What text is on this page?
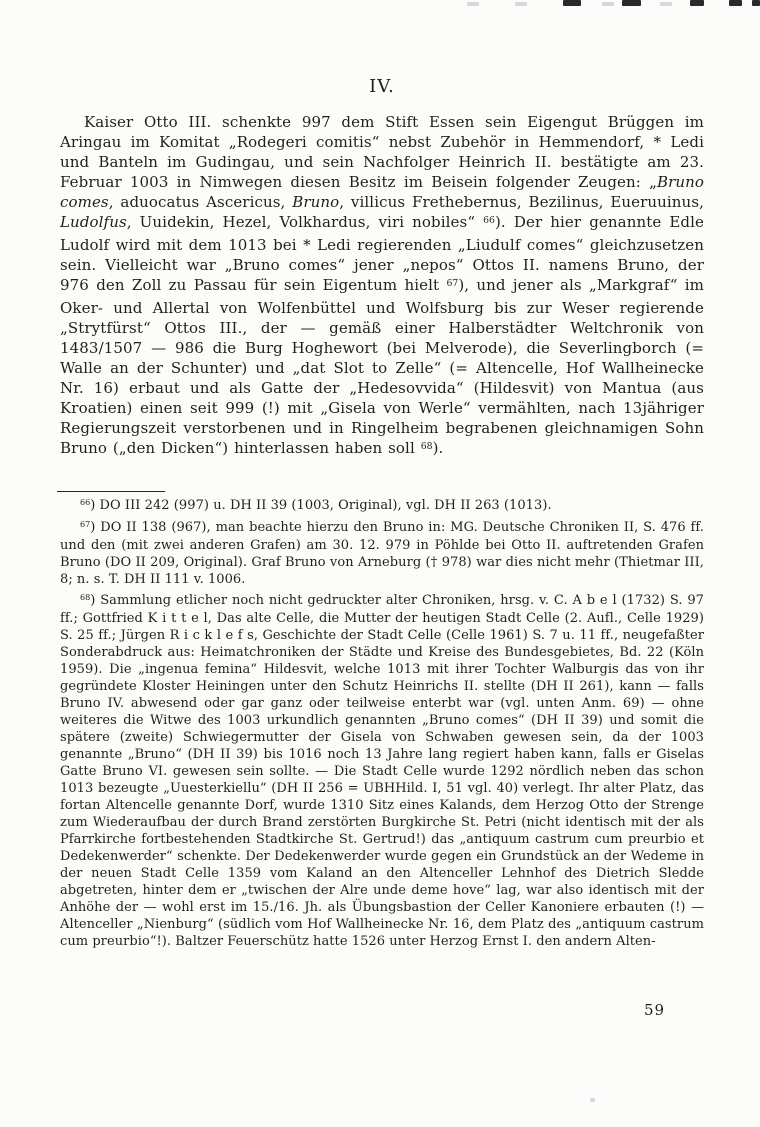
IV.

Kaiser Otto III. schenkte 997 dem Stift Essen sein Eigengut Brüggen im Aringau im Komitat „Rodegeri comitis“ nebst Zubehör in Hemmendorf, * Ledi und Banteln im Gudingau, und sein Nachfolger Heinrich II. bestätigte am 23. Februar 1003 in Nimwegen diesen Besitz im Beisein folgender Zeugen: „Bruno comes, aduocatus Ascericus, Bruno, villicus Frethebernus, Bezilinus, Eueruuinus, Ludolfus, Uuidekin, Hezel, Volkhardus, viri nobiles“ $^{66}$). Der hier genannte Edle Ludolf wird mit dem 1013 bei * Ledi regierenden „Liudulf comes“ gleichzusetzen sein. Vielleicht war „Bruno comes“ jener „nepos“ Ottos II. namens Bruno, der 976 den Zoll zu Passau für sein Eigentum hielt $^{67}$), und jener als „Markgraf“ im Oker- und Allertal von Wolfenbüttel und Wolfsburg bis zur Weser regierende „Strytfürst“ Ottos III., der — gemäß einer Halberstädter Weltchronik von 1483/1507 — 986 die Burg Hoghewort (bei Melverode), die Severlingborch (= Walle an der Schunter) und „dat Slot to Zelle“ (= Altencelle, Hof Wallheinecke Nr. 16) erbaut und als Gatte der „Hedesovvida“ (Hildesvit) von Mantua (aus Kroatien) einen seit 999 (!) mit „Gisela von Werle“ vermählten, nach 13jähriger Regierungszeit verstorbenen und in Ringelheim begrabenen gleichnamigen Sohn Bruno („den Dicken“) hinterlassen haben soll $^{68}$).

$^{66}$) DO III 242 (997) u. DH II 39 (1003, Original), vgl. DH II 263 (1013).

$^{67}$) DO II 138 (967), man beachte hierzu den Bruno in: MG. Deutsche Chroniken II, S. 476 ff. und den (mit zwei anderen Grafen) am 30. 12. 979 in Pöhlde bei Otto II. auftretenden Grafen Bruno (DO II 209, Original). Graf Bruno von Arneburg († 978) war dies nicht mehr (Thietmar III, 8; n. s. T. DH II 111 v. 1006.

$^{68}$) Sammlung etlicher noch nicht gedruckter alter Chroniken, hrsg. v. C. A b e l (1732) S. 97 ff.; Gottfried K i t t e l, Das alte Celle, die Mutter der heutigen Stadt Celle (2. Aufl., Celle 1929) S. 25 ff.; Jürgen R i c k l e f s, Geschichte der Stadt Celle (Celle 1961) S. 7 u. 11 ff., neugefaßter Sonderabdruck aus: Heimatchroniken der Städte und Kreise des Bundesgebietes, Bd. 22 (Köln 1959). Die „ingenua femina“ Hildesvit, welche 1013 mit ihrer Tochter Walburgis das von ihr gegründete Kloster Heiningen unter den Schutz Heinrichs II. stellte (DH II 261), kann — falls Bruno IV. abwesend oder gar ganz oder teilweise enterbt war (vgl. unten Anm. 69) — ohne weiteres die Witwe des 1003 urkundlich genannten „Bruno comes“ (DH II 39) und somit die spätere (zweite) Schwiegermutter der Gisela von Schwaben gewesen sein, da der 1003 genannte „Bruno“ (DH II 39) bis 1016 noch 13 Jahre lang regiert haben kann, falls er Giselas Gatte Bruno VI. gewesen sein sollte. — Die Stadt Celle wurde 1292 nördlich neben das schon 1013 bezeugte „Uuesterkiellu“ (DH II 256 = UBHHild. I, 51 vgl. 40) verlegt. Ihr alter Platz, das fortan Altencelle genannte Dorf, wurde 1310 Sitz eines Kalands, dem Herzog Otto der Strenge zum Wiederaufbau der durch Brand zerstörten Burgkirche St. Petri (nicht identisch mit der als Pfarrkirche fortbestehenden Stadtkirche St. Gertrud!) das „antiquum castrum cum preurbio et Dedekenwerder“ schenkte. Der Dedekenwerder wurde gegen ein Grundstück an der Wedeme in der neuen Stadt Celle 1359 vom Kaland an den Altenceller Lehnhof des Dietrich Sledde abgetreten, hinter dem er „twischen der Alre unde deme hove“ lag, war also identisch mit der Anhöhe der — wohl erst im 15./16. Jh. als Übungsbastion der Celler Kanoniere erbauten (!) — Altenceller „Nienburg“ (südlich vom Hof Wallheinecke Nr. 16, dem Platz des „antiquum castrum cum preurbio“!). Baltzer Feuerschütz hatte 1526 unter Herzog Ernst I. den andern Alten-

59
